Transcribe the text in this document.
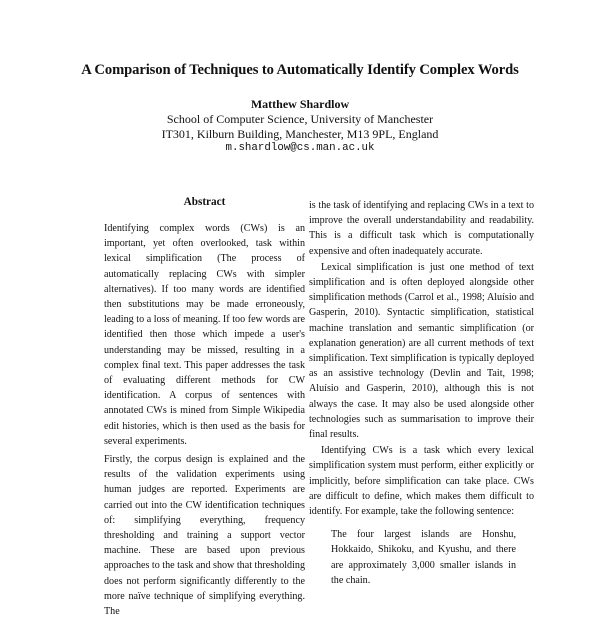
A Comparison of Techniques to Automatically Identify Complex Words
Matthew Shardlow
School of Computer Science, University of Manchester
IT301, Kilburn Building, Manchester, M13 9PL, England
m.shardlow@cs.man.ac.uk
Abstract

Identifying complex words (CWs) is an important, yet often overlooked, task within lexical simplification (The process of automatically replacing CWs with simpler alternatives). If too many words are identified then substitutions may be made erroneously, leading to a loss of meaning. If too few words are identified then those which impede a user's understanding may be missed, resulting in a complex final text. This paper addresses the task of evaluating different methods for CW identification. A corpus of sentences with annotated CWs is mined from Simple Wikipedia edit histories, which is then used as the basis for several experiments.

Firstly, the corpus design is explained and the results of the validation experiments using human judges are reported. Experiments are carried out into the CW identification techniques of: simplifying everything, frequency thresholding and training a support vector machine. These are based upon previous approaches to the task and show that thresholding does not perform significantly differently to the more naïve technique of simplifying everything. The

is the task of identifying and replacing CWs in a text to improve the overall understandability and readability. This is a difficult task which is computationally expensive and often inadequately accurate.

Lexical simplification is just one method of text simplification and is often deployed alongside other simplification methods (Carrol et al., 1998; Aluísio and Gasperin, 2010). Syntactic simplification, statistical machine translation and semantic simplification (or explanation generation) are all current methods of text simplification. Text simplification is typically deployed as an assistive technology (Devlin and Tait, 1998; Aluísio and Gasperin, 2010), although this is not always the case. It may also be used alongside other technologies such as summarisation to improve their final results.

Identifying CWs is a task which every lexical simplification system must perform, either explicitly or implicitly, before simplification can take place. CWs are difficult to define, which makes them difficult to identify. For example, take the following sentence:

The four largest islands are Honshu, Hokkaido, Shikoku, and Kyushu, and there are approximately 3,000 smaller islands in the chain.
